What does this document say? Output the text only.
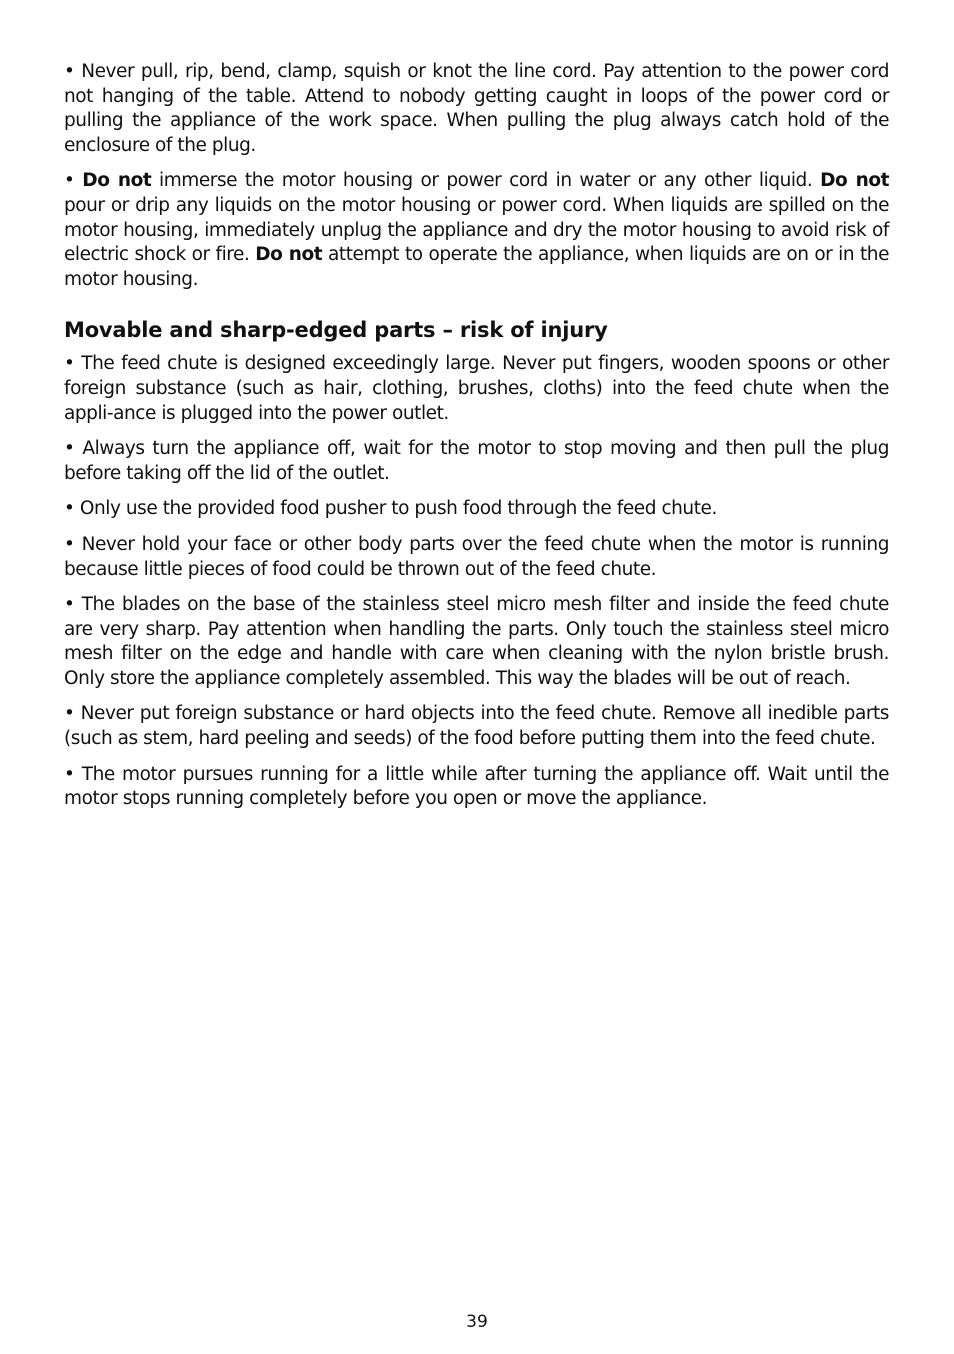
• Never pull, rip, bend, clamp, squish or knot the line cord. Pay attention to the power cord not hanging of the table. Attend to nobody getting caught in loops of the power cord or pulling the appliance of the work space. When pulling the plug always catch hold of the enclosure of the plug.

• Do not immerse the motor housing or power cord in water or any other liquid. Do not pour or drip any liquids on the motor housing or power cord. When liquids are spilled on the motor housing, immediately unplug the appliance and dry the motor housing to avoid risk of electric shock or fire. Do not attempt to operate the appliance, when liquids are on or in the motor housing.

Movable and sharp-edged parts – risk of injury

• The feed chute is designed exceedingly large. Never put fingers, wooden spoons or other foreign substance (such as hair, clothing, brushes, cloths) into the feed chute when the appli-ance is plugged into the power outlet.

• Always turn the appliance off, wait for the motor to stop moving and then pull the plug before taking off the lid of the outlet.

• Only use the provided food pusher to push food through the feed chute.

• Never hold your face or other body parts over the feed chute when the motor is running because little pieces of food could be thrown out of the feed chute.

• The blades on the base of the stainless steel micro mesh filter and inside the feed chute are very sharp. Pay attention when handling the parts. Only touch the stainless steel micro mesh filter on the edge and handle with care when cleaning with the nylon bristle brush. Only store the appliance completely assembled. This way the blades will be out of reach.

• Never put foreign substance or hard objects into the feed chute. Remove all inedible parts (such as stem, hard peeling and seeds) of the food before putting them into the feed chute.

• The motor pursues running for a little while after turning the appliance off. Wait until the motor stops running completely before you open or move the appliance.

39
